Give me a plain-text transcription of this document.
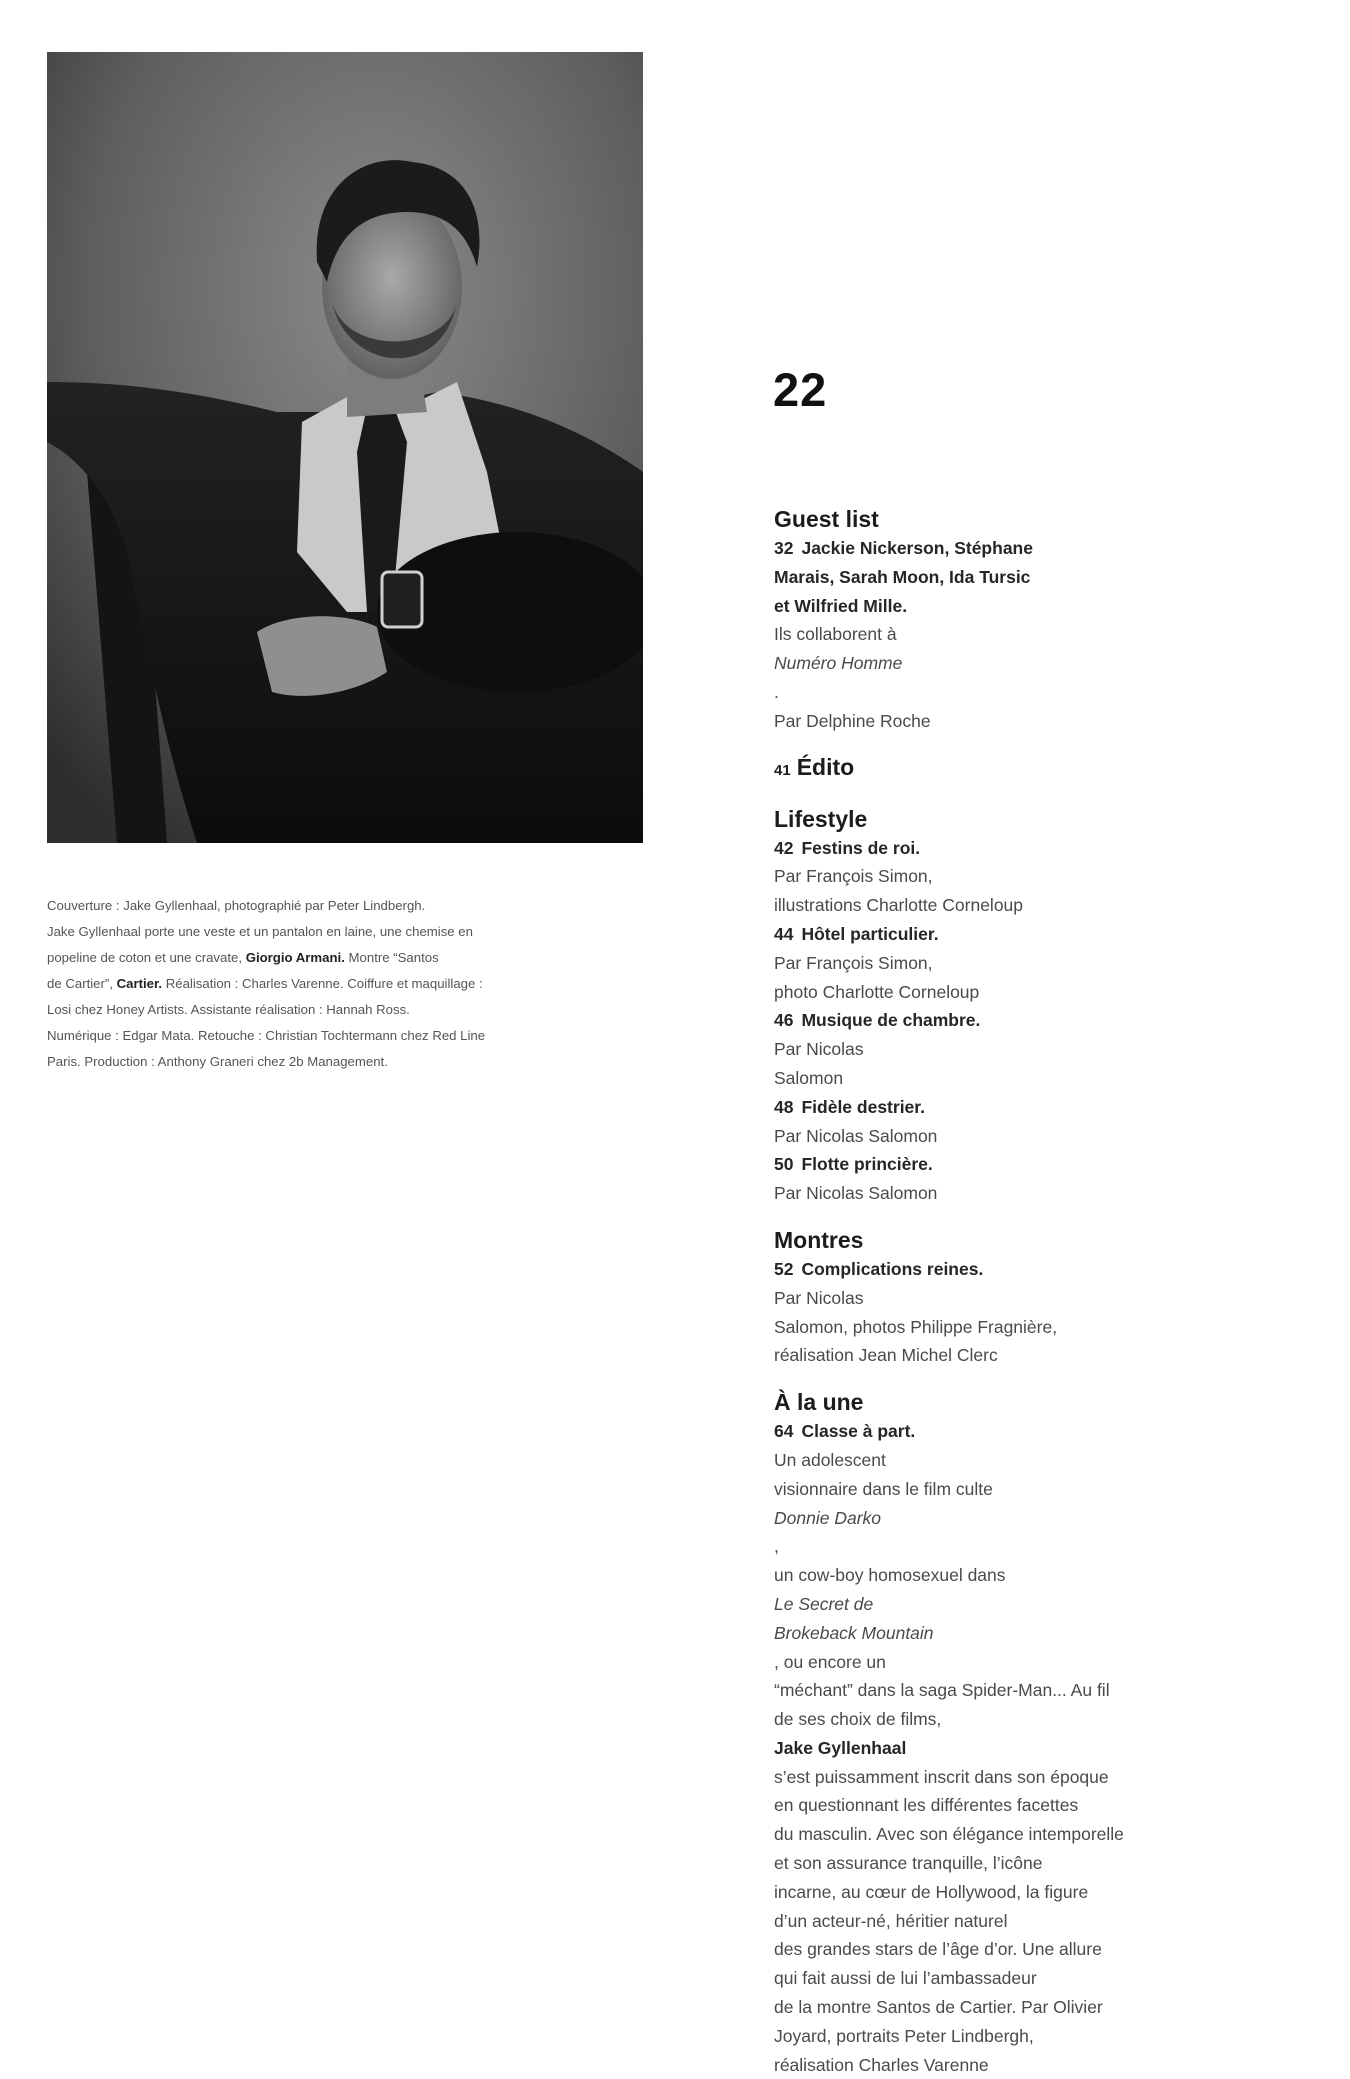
Couverture : Jake Gyllenhaal, photographié par Peter Lindbergh.
Jake Gyllenhaal porte une veste et un pantalon en laine, une chemise en
popeline de coton et une cravate, Giorgio Armani. Montre “Santos
de Cartier”, Cartier. Réalisation : Charles Varenne. Coiffure et maquillage :
Losi chez Honey Artists. Assistante réalisation : Hannah Ross.
Numérique : Edgar Mata. Retouche : Christian Tochtermann chez Red Line
Paris. Production : Anthony Graneri chez 2b Management.
22
Guest list
32 Jackie Nickerson, Stéphane
Marais, Sarah Moon, Ida Tursic
et Wilfried Mille.
Ils collaborent à
Numéro Homme
.
Par Delphine Roche
41 Édito
Lifestyle
42 Festins de roi.
Par François Simon,
illustrations Charlotte Corneloup
44 Hôtel particulier.
Par François Simon,
photo Charlotte Corneloup
46 Musique de chambre.
Par Nicolas
Salomon
48 Fidèle destrier.
Par Nicolas Salomon
50 Flotte princière.
Par Nicolas Salomon
Montres
52 Complications reines.
Par Nicolas
Salomon, photos Philippe Fragnière,
réalisation Jean Michel Clerc
À la une
64 Classe à part.
Un adolescent
visionnaire dans le film culte
Donnie Darko
,
un cow-boy homosexuel dans
Le Secret de
Brokeback Mountain
, ou encore un
“méchant” dans la saga Spider-Man... Au fil
de ses choix de films,
Jake Gyllenhaal
s’est puissamment inscrit dans son époque
en questionnant les différentes facettes
du masculin. Avec son élégance intemporelle
et son assurance tranquille, l’icône
incarne, au cœur de Hollywood, la figure
d’un acteur-né, héritier naturel
des grandes stars de l’âge d’or. Une allure
qui fait aussi de lui l’ambassadeur
de la montre Santos de Cartier. Par Olivier
Joyard, portraits Peter Lindbergh,
réalisation Charles Varenne
